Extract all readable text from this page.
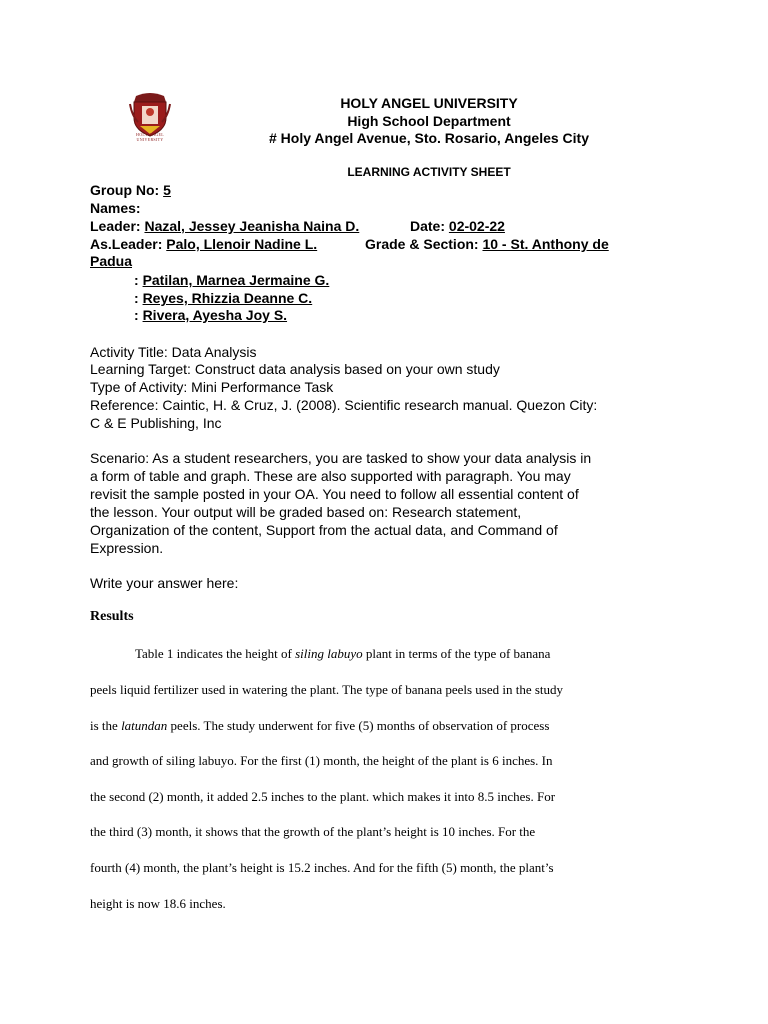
HOLY ANGEL UNIVERSITY
HOLY ANGEL UNIVERSITY
High School Department
# Holy Angel Avenue, Sto. Rosario, Angeles City
LEARNING ACTIVITY SHEET
Group No: 5
Names:
Leader: Nazal, Jessey Jeanisha Naina D.	Date: 02-02-22
As.Leader: Palo, Llenoir Nadine L.	Grade & Section: 10 - St. Anthony de
Padua
: Patilan, Marnea Jermaine G.
: Reyes, Rhizzia Deanne C.
: Rivera, Ayesha Joy S.
Activity Title: Data Analysis
Learning Target: Construct data analysis based on your own study
Type of Activity: Mini Performance Task
Reference: Caintic, H. & Cruz, J. (2008). Scientific research manual. Quezon City:
C & E Publishing, Inc
Scenario: As a student researchers, you are tasked to show your data analysis in
a form of table and graph. These are also supported with paragraph. You may
revisit the sample posted in your OA. You need to follow all essential content of
the lesson. Your output will be graded based on: Research statement,
Organization of the content, Support from the actual data, and Command of
Expression.
Write your answer here:
Results
Table 1 indicates the height of siling labuyo plant in terms of the type of banana
peels liquid fertilizer used in watering the plant. The type of banana peels used in the study
is the latundan peels. The study underwent for five (5) months of observation of process
and growth of siling labuyo. For the first (1) month, the height of the plant is 6 inches. In
the second (2) month, it added 2.5 inches to the plant. which makes it into 8.5 inches. For
the third (3) month, it shows that the growth of the plant’s height is 10 inches. For the
fourth (4) month, the plant’s height is 15.2 inches. And for the fifth (5) month, the plant’s
height is now 18.6 inches.
